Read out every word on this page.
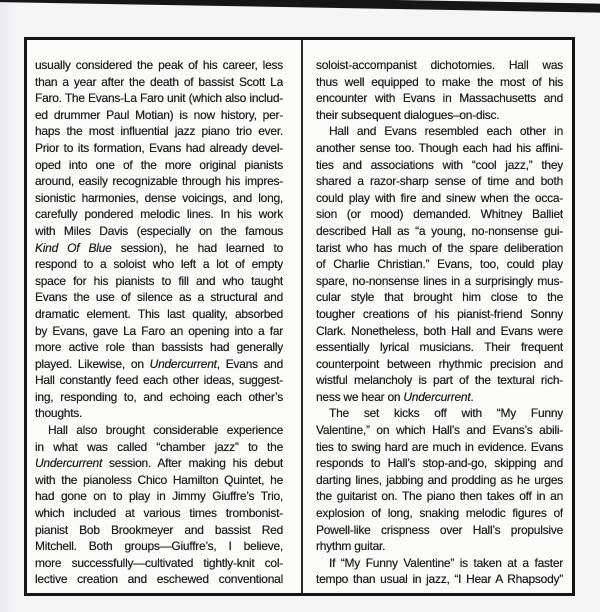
usually considered the peak of his career, less
than a year after the death of bassist Scott La
Faro. The Evans-La Faro unit (which also includ-
ed drummer Paul Motian) is now history, per-
haps the most influential jazz piano trio ever.
Prior to its formation, Evans had already devel-
oped into one of the more original pianists
around, easily recognizable through his impres-
sionistic harmonies, dense voicings, and long,
carefully pondered melodic lines. In his work
with Miles Davis (especially on the famous
Kind Of Blue session), he had learned to
respond to a soloist who left a lot of empty
space for his pianists to fill and who taught
Evans the use of silence as a structural and
dramatic element. This last quality, absorbed
by Evans, gave La Faro an opening into a far
more active role than bassists had generally
played. Likewise, on Undercurrent, Evans and
Hall constantly feed each other ideas, suggest-
ing, responding to, and echoing each other’s
thoughts.
Hall also brought considerable experience
in what was called “chamber jazz” to the
Undercurrent session. After making his debut
with the pianoless Chico Hamilton Quintet, he
had gone on to play in Jimmy Giuffre’s Trio,
which included at various times trombonist-
pianist Bob Brookmeyer and bassist Red
Mitchell. Both groups—Giuffre’s, I believe,
more successfully—cultivated tightly-knit col-
lective creation and eschewed conventional
soloist-accompanist dichotomies. Hall was
thus well equipped to make the most of his
encounter with Evans in Massachusetts and
their subsequent dialogues–on-disc.
Hall and Evans resembled each other in
another sense too. Though each had his affini-
ties and associations with “cool jazz,” they
shared a razor-sharp sense of time and both
could play with fire and sinew when the occa-
sion (or mood) demanded. Whitney Balliet
described Hall as “a young, no-nonsense gui-
tarist who has much of the spare deliberation
of Charlie Christian.” Evans, too, could play
spare, no-nonsense lines in a surprisingly mus-
cular style that brought him close to the
tougher creations of his pianist-friend Sonny
Clark. Nonetheless, both Hall and Evans were
essentially lyrical musicians. Their frequent
counterpoint between rhythmic precision and
wistful melancholy is part of the textural rich-
ness we hear on Undercurrent.
The set kicks off with “My Funny
Valentine,” on which Hall’s and Evans’s abili-
ties to swing hard are much in evidence. Evans
responds to Hall’s stop-and-go, skipping and
darting lines, jabbing and prodding as he urges
the guitarist on. The piano then takes off in an
explosion of long, snaking melodic figures of
Powell-like crispness over Hall’s propulsive
rhythm guitar.
If “My Funny Valentine” is taken at a faster
tempo than usual in jazz, “I Hear A Rhapsody”
